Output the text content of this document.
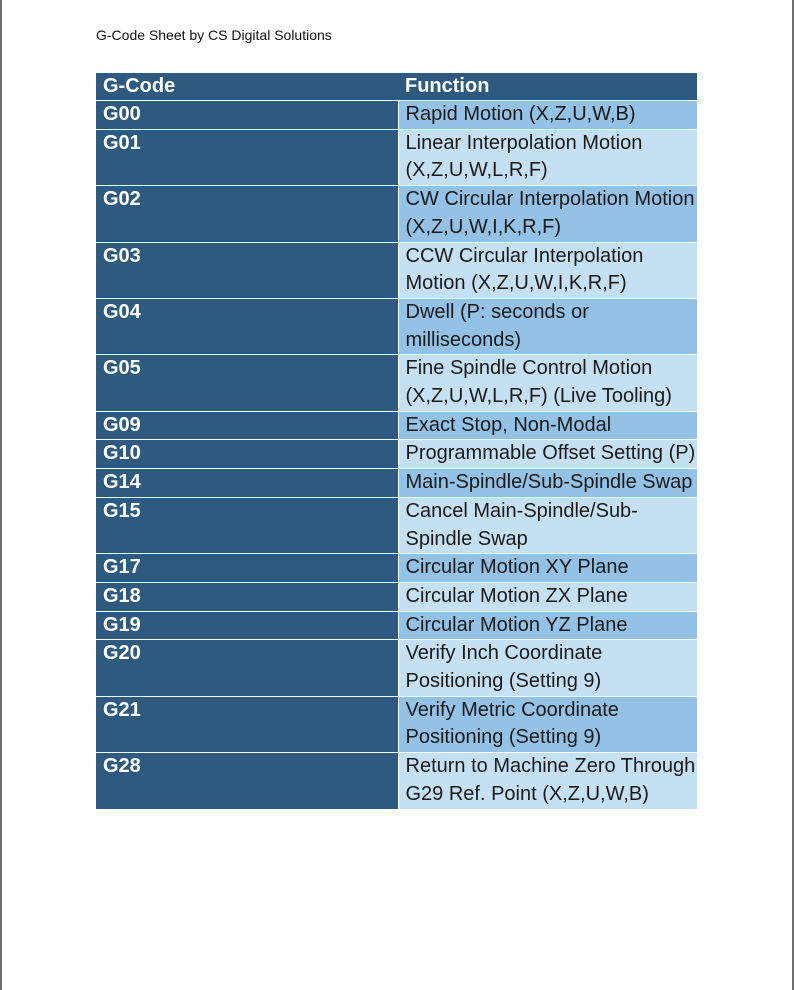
G-Code Sheet by CS Digital Solutions
G-Code	Function
G00	Rapid Motion (X,Z,U,W,B)
G01	Linear Interpolation Motion (X,Z,U,W,L,R,F)
G02	CW Circular Interpolation Motion (X,Z,U,W,I,K,R,F)
G03	CCW Circular Interpolation Motion (X,Z,U,W,I,K,R,F)
G04	Dwell (P: seconds or milliseconds)
G05	Fine Spindle Control Motion (X,Z,U,W,L,R,F) (Live Tooling)
G09	Exact Stop, Non-Modal
G10	Programmable Offset Setting (P)
G14	Main-Spindle/Sub-Spindle Swap
G15	Cancel Main-Spindle/Sub-Spindle Swap
G17	Circular Motion XY Plane
G18	Circular Motion ZX Plane
G19	Circular Motion YZ Plane
G20	Verify Inch Coordinate Positioning (Setting 9)
G21	Verify Metric Coordinate Positioning (Setting 9)
G28	Return to Machine Zero Through G29 Ref. Point (X,Z,U,W,B)
